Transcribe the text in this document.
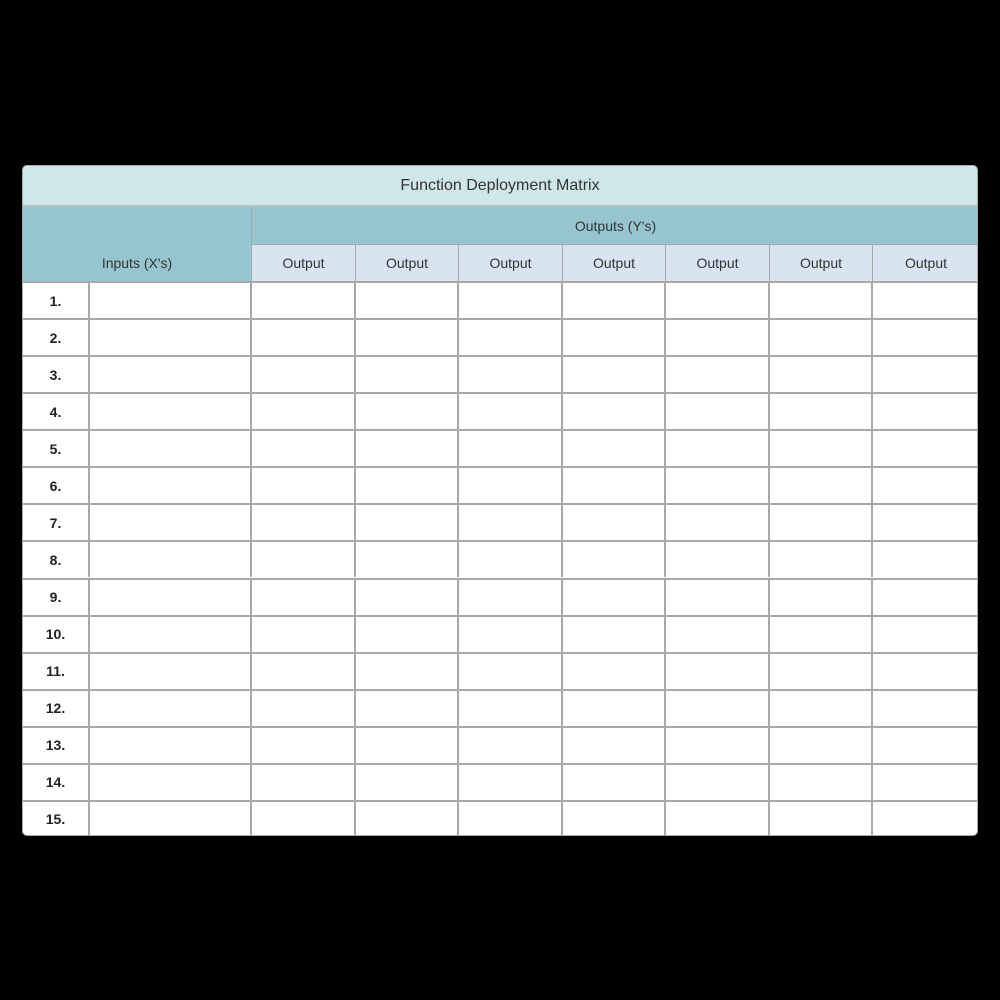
Function Deployment Matrix
Inputs (X's)
Outputs (Y's)
Output	Output	Output	Output	Output	Output	Output
1.
2.
3.
4.
5.
6.
7.
8.
9.
10.
11.
12.
13.
14.
15.
